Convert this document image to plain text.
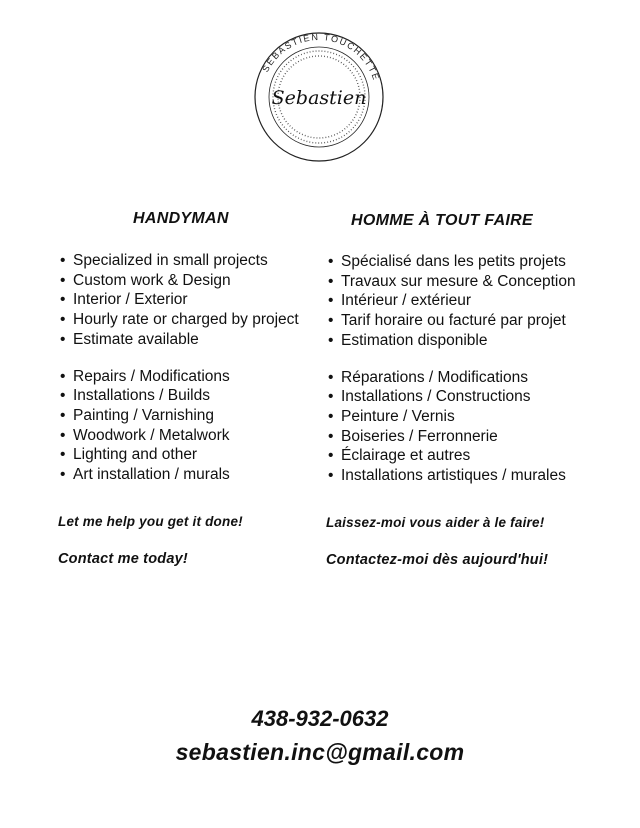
SEBASTIEN TOUCHETTE
Sebastien
HANDYMAN
• Specialized in small projects
• Custom work & Design
• Interior / Exterior
• Hourly rate or charged by project
• Estimate available
• Repairs / Modifications
• Installations / Builds
• Painting / Varnishing
• Woodwork / Metalwork
• Lighting and other
• Art installation / murals
Let me help you get it done!
Contact me today!
HOMME À TOUT FAIRE
• Spécialisé dans les petits projets
• Travaux sur mesure & Conception
• Intérieur / extérieur
• Tarif horaire ou facturé par projet
• Estimation disponible
• Réparations / Modifications
• Installations / Constructions
• Peinture / Vernis
• Boiseries / Ferronnerie
• Éclairage et autres
• Installations artistiques / murales
Laissez-moi vous aider à le faire!
Contactez-moi dès aujourd'hui!
438-932-0632
sebastien.inc@gmail.com
